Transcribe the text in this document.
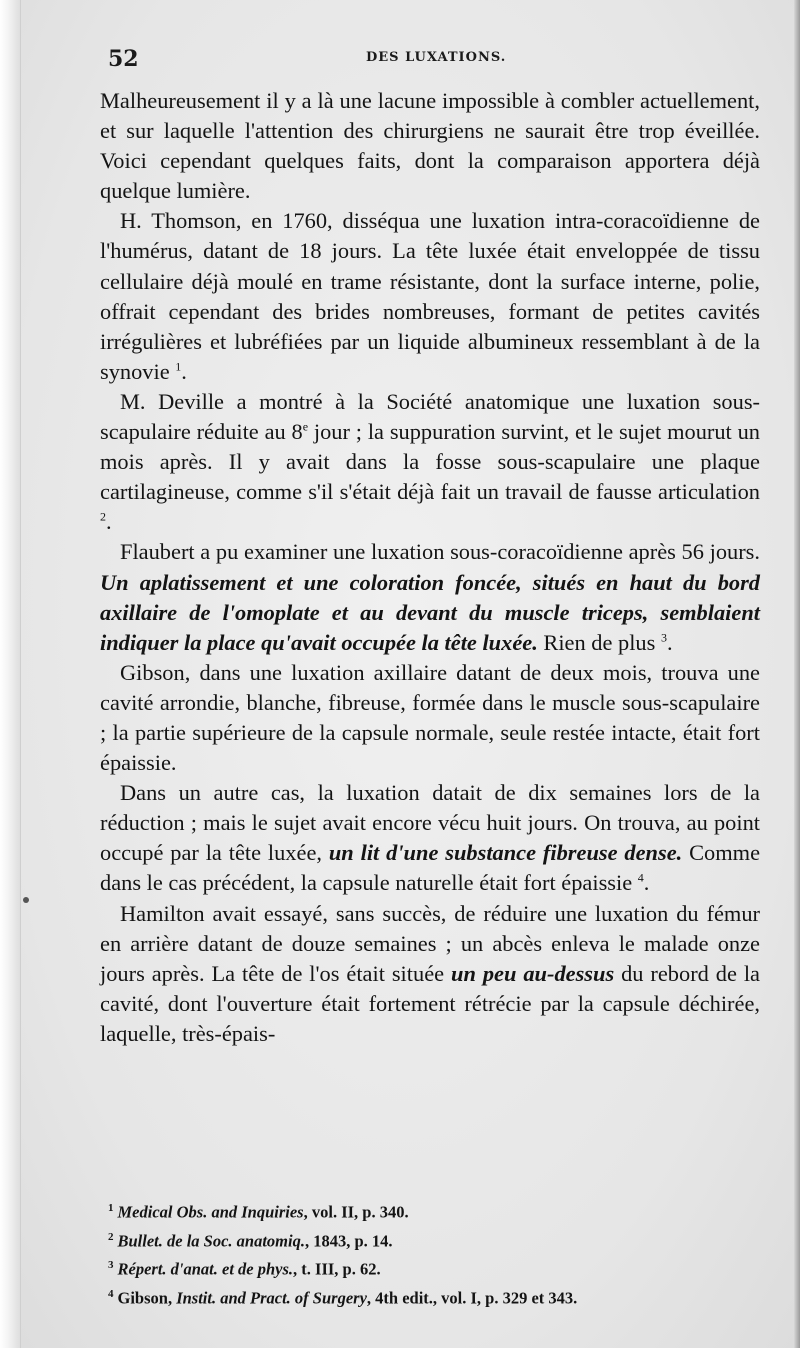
52	DES LUXATIONS.

Malheureusement il y a là une lacune impossible à combler actuellement, et sur laquelle l'attention des chirurgiens ne saurait être trop éveillée. Voici cependant quelques faits, dont la comparaison apportera déjà quelque lumière.

H. Thomson, en 1760, disséqua une luxation intra-coracoïdienne de l'humérus, datant de 18 jours. La tête luxée était enveloppée de tissu cellulaire déjà moulé en trame résistante, dont la surface interne, polie, offrait cependant des brides nombreuses, formant de petites cavités irrégulières et lubréfiées par un liquide albumineux ressemblant à de la synovie $^1$.

M. Deville a montré à la Société anatomique une luxation sous-scapulaire réduite au 8e jour ; la suppuration survint, et le sujet mourut un mois après. Il y avait dans la fosse sous-scapulaire une plaque cartilagineuse, comme s'il s'était déjà fait un travail de fausse articulation $^2$.

Flaubert a pu examiner une luxation sous-coracoïdienne après 56 jours. Un aplatissement et une coloration foncée, situés en haut du bord axillaire de l'omoplate et au devant du muscle triceps, semblaient indiquer la place qu'avait occupée la tête luxée. Rien de plus $^3$.

Gibson, dans une luxation axillaire datant de deux mois, trouva une cavité arrondie, blanche, fibreuse, formée dans le muscle sous-scapulaire ; la partie supérieure de la capsule normale, seule restée intacte, était fort épaissie.

Dans un autre cas, la luxation datait de dix semaines lors de la réduction ; mais le sujet avait encore vécu huit jours. On trouva, au point occupé par la tête luxée, un lit d'une substance fibreuse dense. Comme dans le cas précédent, la capsule naturelle était fort épaissie $^4$.

Hamilton avait essayé, sans succès, de réduire une luxation du fémur en arrière datant de douze semaines ; un abcès enleva le malade onze jours après. La tête de l'os était située un peu au-dessus du rebord de la cavité, dont l'ouverture était fortement rétrécie par la capsule déchirée, laquelle, très-épais-

$^1$ Medical Obs. and Inquiries, vol. II, p. 340.

$^2$ Bullet. de la Soc. anatomiq., 1843, p. 14.

$^3$ Répert. d'anat. et de phys., t. III, p. 62.

$^4$ Gibson, Instit. and Pract. of Surgery, 4th edit., vol. I, p. 329 et 343.
